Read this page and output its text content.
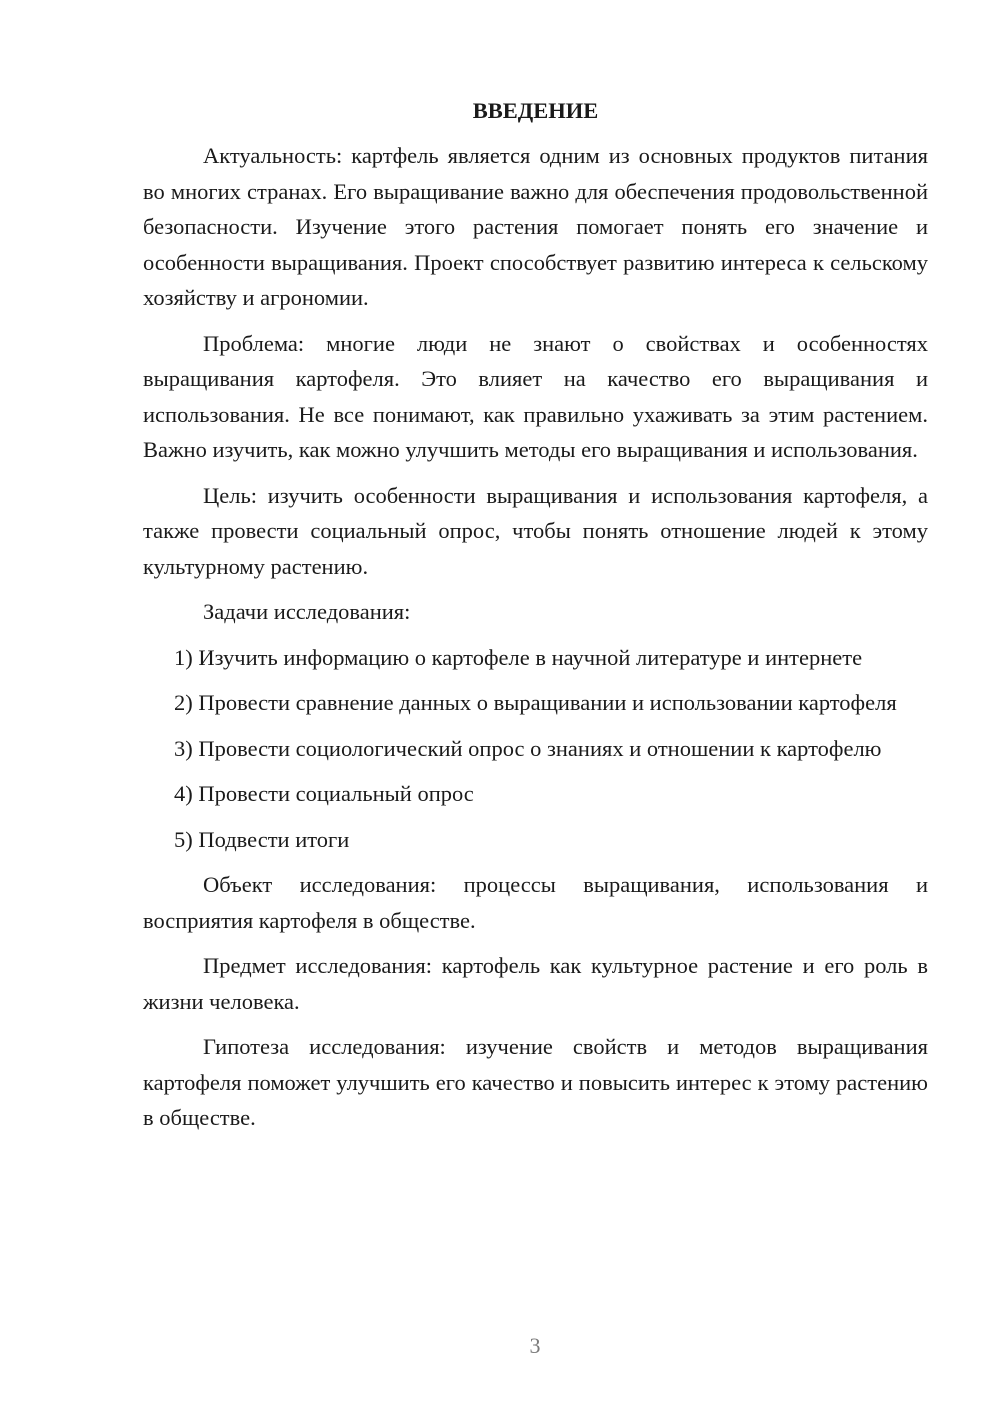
ВВЕДЕНИЕ

Актуальность: картфель является одним из основных продуктов питания во многих странах. Его выращивание важно для обеспечения продовольственной безопасности. Изучение этого растения помогает понять его значение и особенности выращивания. Проект способствует развитию интереса к сельскому хозяйству и агрономии.

Проблема: многие люди не знают о свойствах и особенностях выращивания картофеля. Это влияет на качество его выращивания и использования. Не все понимают, как правильно ухаживать за этим растением. Важно изучить, как можно улучшить методы его выращивания и использования.

Цель: изучить особенности выращивания и использования картофеля, а также провести социальный опрос, чтобы понять отношение людей к этому культурному растению.

Задачи исследования:

1) Изучить информацию о картофеле в научной литературе и интернете

2) Провести сравнение данных о выращивании и использовании картофеля

3) Провести социологический опрос о знаниях и отношении к картофелю

4) Провести социальный опрос

5) Подвести итоги

Объект исследования: процессы выращивания, использования и восприятия картофеля в обществе.

Предмет исследования: картофель как культурное растение и его роль в жизни человека.

Гипотеза исследования: изучение свойств и методов выращивания картофеля поможет улучшить его качество и повысить интерес к этому растению в обществе.

3
